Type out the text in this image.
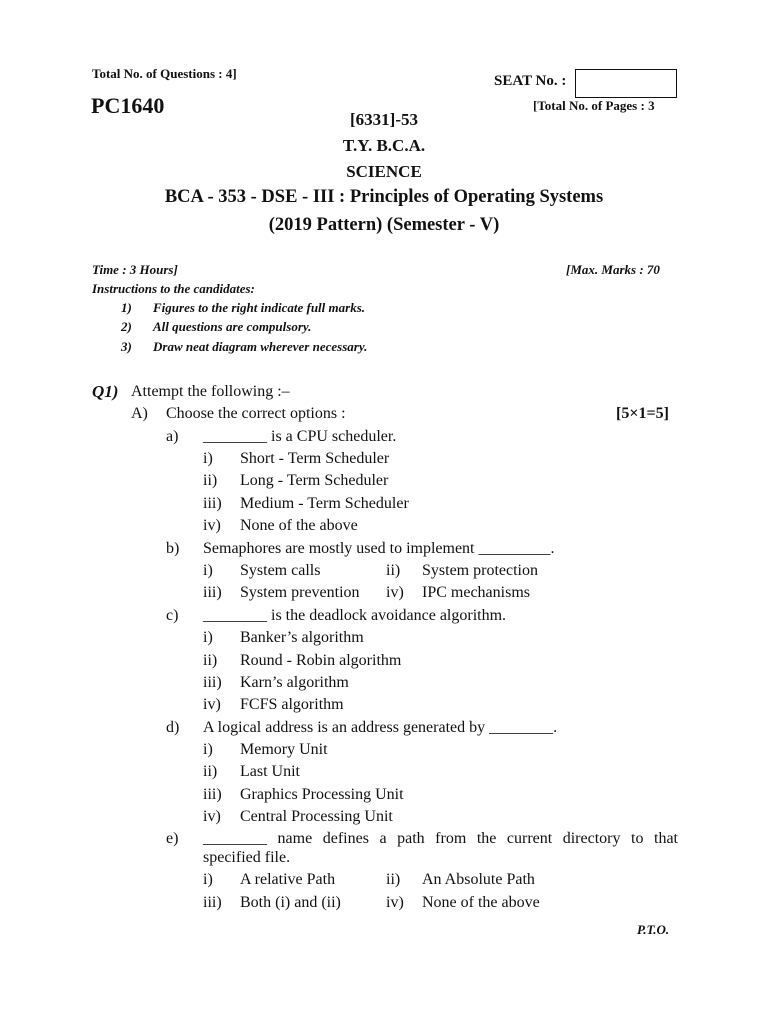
Total No. of Questions : 4]	SEAT No. :
PC1640	[Total No. of Pages : 3
[6331]-53
T.Y. B.C.A.
SCIENCE
BCA - 353 - DSE - III : Principles of Operating Systems
(2019 Pattern) (Semester - V)
Time : 3 Hours]	[Max. Marks : 70
Instructions to the candidates:
1) Figures to the right indicate full marks.
2) All questions are compulsory.
3) Draw neat diagram wherever necessary.
Q1) Attempt the following :–
A) Choose the correct options :	[5×1=5]
a) ________ is a CPU scheduler.
i) Short - Term Scheduler
ii) Long - Term Scheduler
iii) Medium - Term Scheduler
iv) None of the above
b) Semaphores are mostly used to implement _________.
i) System calls	ii) System protection
iii) System prevention iv) IPC mechanisms
c) ________ is the deadlock avoidance algorithm.
i) Banker’s algorithm
ii) Round - Robin algorithm
iii) Karn’s algorithm
iv) FCFS algorithm
d) A logical address is an address generated by ________.
i) Memory Unit
ii) Last Unit
iii) Graphics Processing Unit
iv) Central Processing Unit
e) ________ name defines a path from the current directory to that
specified file.
i) A relative Path	ii) An Absolute Path
iii) Both (i) and (ii)	iv) None of the above
P.T.O.
